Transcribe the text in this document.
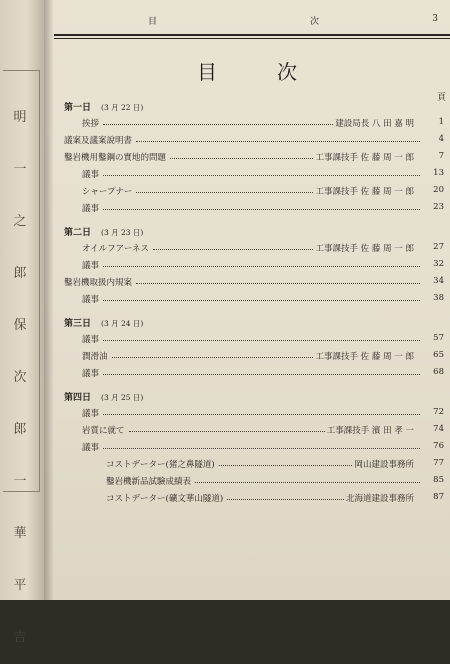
明
一
之
郎
保
次
郎
一
華
平
吉
目	次	3
目次
頁
第一日 (3 月 22 日)
挨拶	建設局長 八 田 嘉 明	1
議案及議案說明書	4
鑿岩機用鑿鋼の實地的問題	工事課技手 佐 藤 周 一 郎	7
議事	13
シャープナー	工事課技手 佐 藤 周 一 郎	20
議事	23
第二日 (3 月 23 日)
オイルフアーネス	工事課技手 佐 藤 周 一 郎	27
議事	32
鑿岩機取扱内規案	34
議事	38
第三日 (3 月 24 日)
議事	57
潤滑油	工事課技手 佐 藤 周 一 郎	65
議事	68
第四日 (3 月 25 日)
議事	72
岩質に就て	工事課技手 濱 田 孝 一	74
議事	76
コストデーター(猪之鼻隧道)	岡山建設事務所	77
鑿岩機新品試驗成績表	85
コストデーター(礦文華山隧道)	北海道建設事務所	87
